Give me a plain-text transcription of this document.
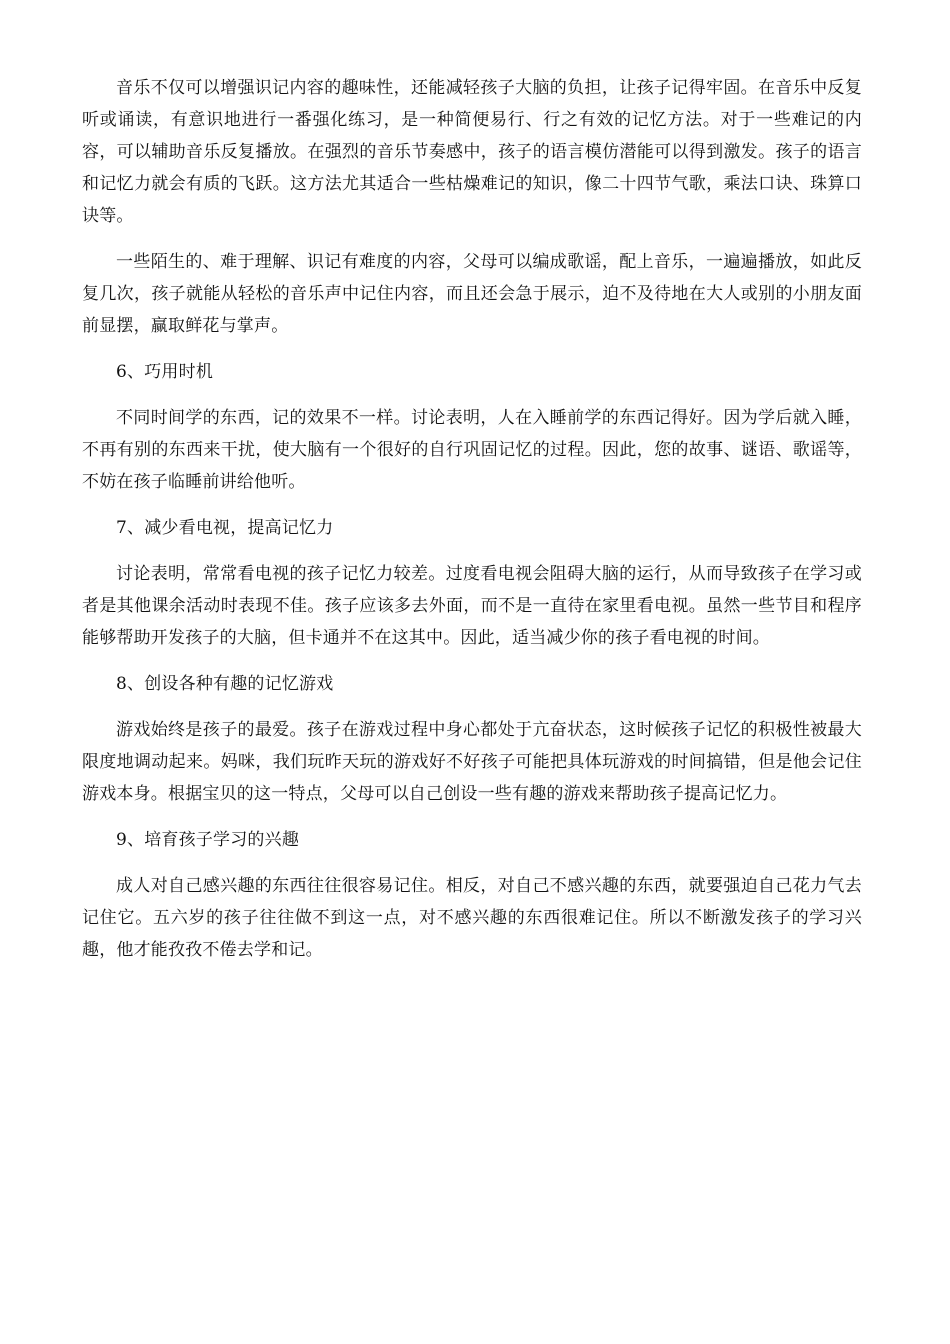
音乐不仅可以增强识记内容的趣味性，还能减轻孩子大脑的负担，让孩子记得牢固。在音乐中反复听或诵读，有意识地进行一番强化练习，是一种简便易行、行之有效的记忆方法。对于一些难记的内容，可以辅助音乐反复播放。在强烈的音乐节奏感中，孩子的语言模仿潜能可以得到激发。孩子的语言和记忆力就会有质的飞跃。这方法尤其适合一些枯燥难记的知识，像二十四节气歌，乘法口诀、珠算口诀等。

一些陌生的、难于理解、识记有难度的内容，父母可以编成歌谣，配上音乐，一遍遍播放，如此反复几次，孩子就能从轻松的音乐声中记住内容，而且还会急于展示，迫不及待地在大人或别的小朋友面前显摆，赢取鲜花与掌声。

6、巧用时机

不同时间学的东西，记的效果不一样。讨论表明，人在入睡前学的东西记得好。因为学后就入睡，不再有别的东西来干扰，使大脑有一个很好的自行巩固记忆的过程。因此，您的故事、谜语、歌谣等，不妨在孩子临睡前讲给他听。

7、减少看电视，提高记忆力

讨论表明，常常看电视的孩子记忆力较差。过度看电视会阻碍大脑的运行，从而导致孩子在学习或者是其他课余活动时表现不佳。孩子应该多去外面，而不是一直待在家里看电视。虽然一些节目和程序能够帮助开发孩子的大脑，但卡通并不在这其中。因此，适当减少你的孩子看电视的时间。

8、创设各种有趣的记忆游戏

游戏始终是孩子的最爱。孩子在游戏过程中身心都处于亢奋状态，这时候孩子记忆的积极性被最大限度地调动起来。妈咪，我们玩昨天玩的游戏好不好孩子可能把具体玩游戏的时间搞错，但是他会记住游戏本身。根据宝贝的这一特点，父母可以自己创设一些有趣的游戏来帮助孩子提高记忆力。

9、培育孩子学习的兴趣

成人对自己感兴趣的东西往往很容易记住。相反，对自己不感兴趣的东西，就要强迫自己花力气去记住它。五六岁的孩子往往做不到这一点，对不感兴趣的东西很难记住。所以不断激发孩子的学习兴趣，他才能孜孜不倦去学和记。
